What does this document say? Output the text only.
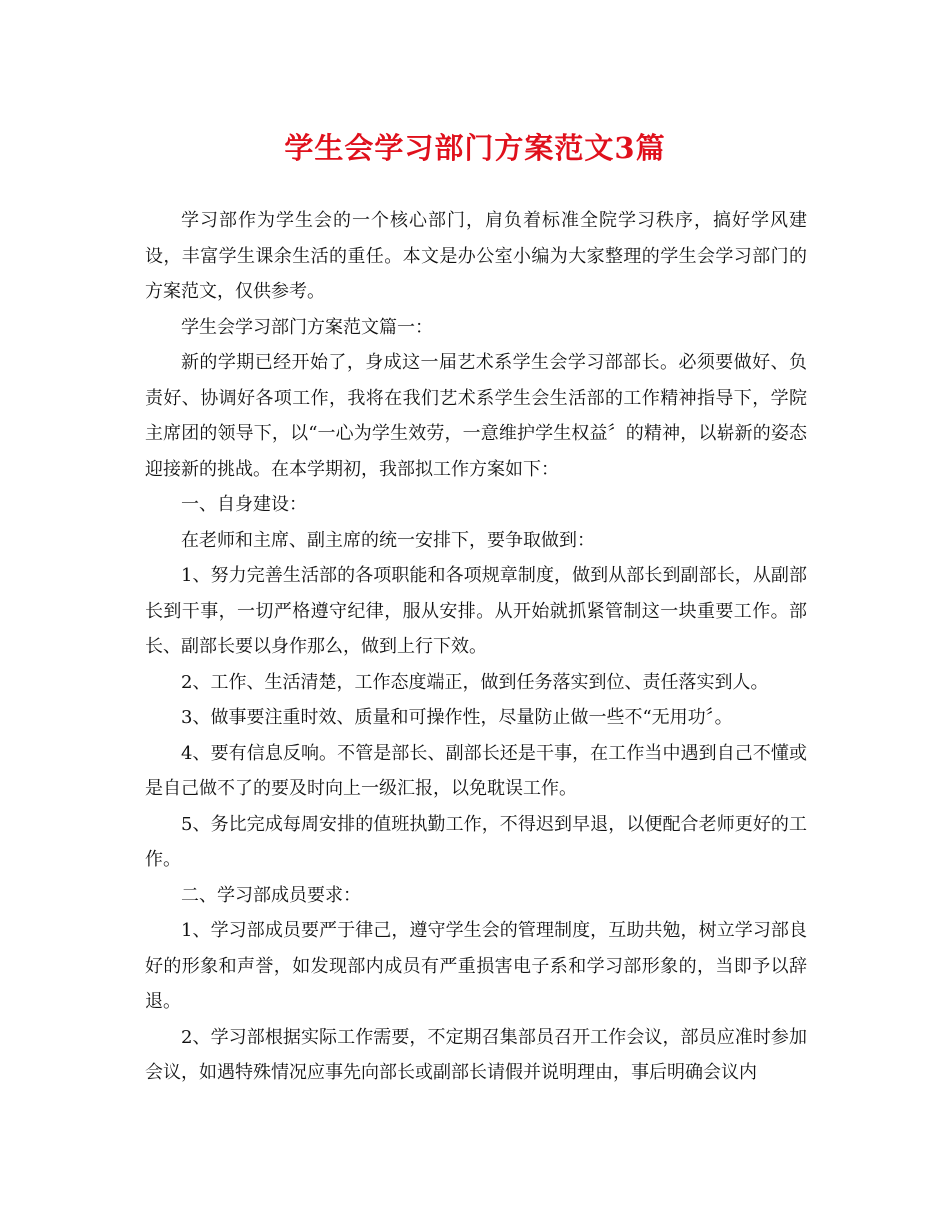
学生会学习部门方案范文3篇

学习部作为学生会的一个核心部门，肩负着标准全院学习秩序，搞好学风建设，丰富学生课余生活的重任。本文是办公室小编为大家整理的学生会学习部门的方案范文，仅供参考。

学生会学习部门方案范文篇一：

新的学期已经开始了，身成这一届艺术系学生会学习部部长。必须要做好、负责好、协调好各项工作，我将在我们艺术系学生会生活部的工作精神指导下，学院主席团的领导下，以“一心为学生效劳，一意维护学生权益〞的精神，以崭新的姿态迎接新的挑战。在本学期初，我部拟工作方案如下：

一、自身建设：

在老师和主席、副主席的统一安排下，要争取做到：

1、努力完善生活部的各项职能和各项规章制度，做到从部长到副部长，从副部长到干事，一切严格遵守纪律，服从安排。从开始就抓紧管制这一块重要工作。部长、副部长要以身作那么，做到上行下效。

2、工作、生活清楚，工作态度端正，做到任务落实到位、责任落实到人。

3、做事要注重时效、质量和可操作性，尽量防止做一些不“无用功〞。

4、要有信息反响。不管是部长、副部长还是干事，在工作当中遇到自己不懂或是自己做不了的要及时向上一级汇报，以免耽误工作。

5、务比完成每周安排的值班执勤工作，不得迟到早退，以便配合老师更好的工作。

二、学习部成员要求：

1、学习部成员要严于律己，遵守学生会的管理制度，互助共勉，树立学习部良好的形象和声誉，如发现部内成员有严重损害电子系和学习部形象的，当即予以辞退。

2、学习部根据实际工作需要，不定期召集部员召开工作会议，部员应准时参加会议，如遇特殊情况应事先向部长或副部长请假并说明理由，事后明确会议内
